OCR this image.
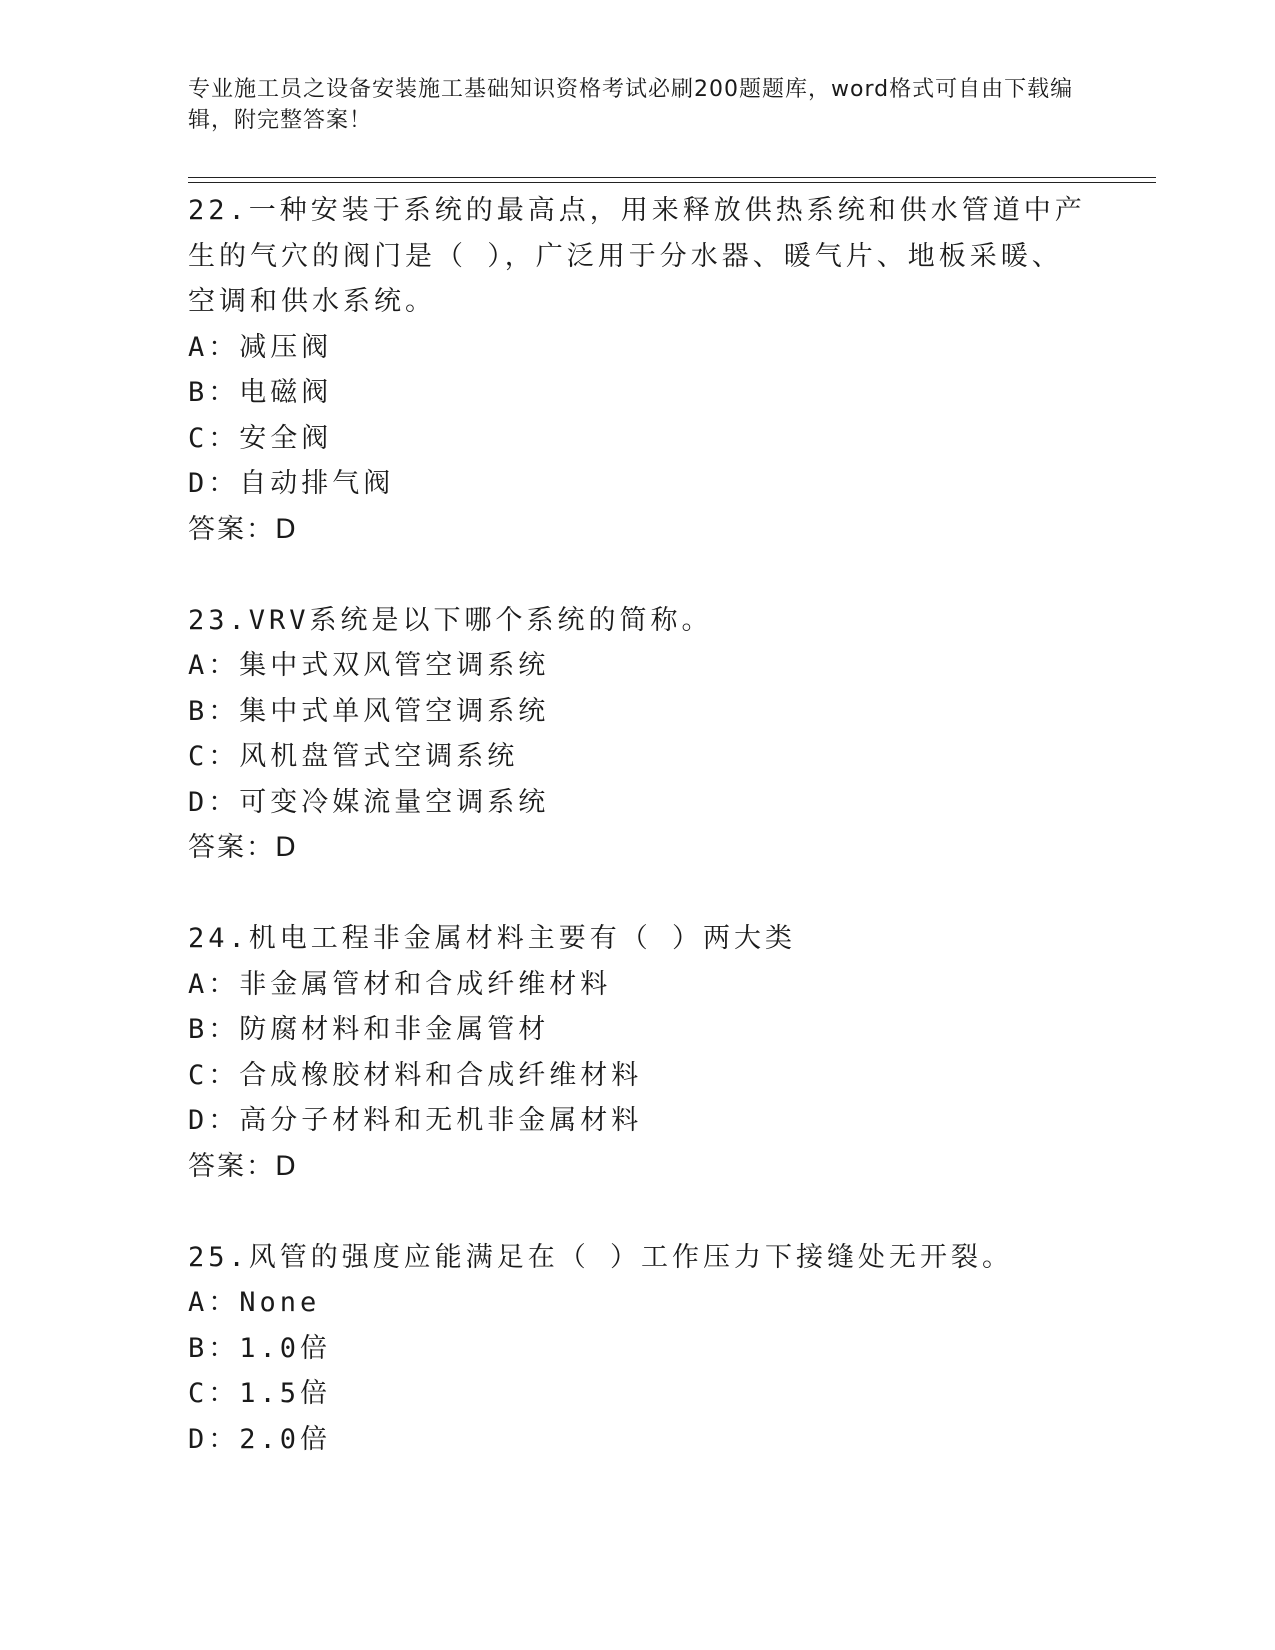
专业施工员之设备安装施工基础知识资格考试必刷200题题库，word格式可自由下载编辑，附完整答案！
22.一种安装于系统的最高点，用来释放供热系统和供水管道中产生的气穴的阀门是（ ），广泛用于分水器、暖气片、地板采暖、空调和供水系统。
A：减压阀
B：电磁阀
C：安全阀
D：自动排气阀
答案：D
23.VRV系统是以下哪个系统的简称。
A：集中式双风管空调系统
B：集中式单风管空调系统
C：风机盘管式空调系统
D：可变冷媒流量空调系统
答案：D
24.机电工程非金属材料主要有（ ）两大类
A：非金属管材和合成纤维材料
B：防腐材料和非金属管材
C：合成橡胶材料和合成纤维材料
D：高分子材料和无机非金属材料
答案：D
25.风管的强度应能满足在（ ）工作压力下接缝处无开裂。
A：None
B：1.0倍
C：1.5倍
D：2.0倍
